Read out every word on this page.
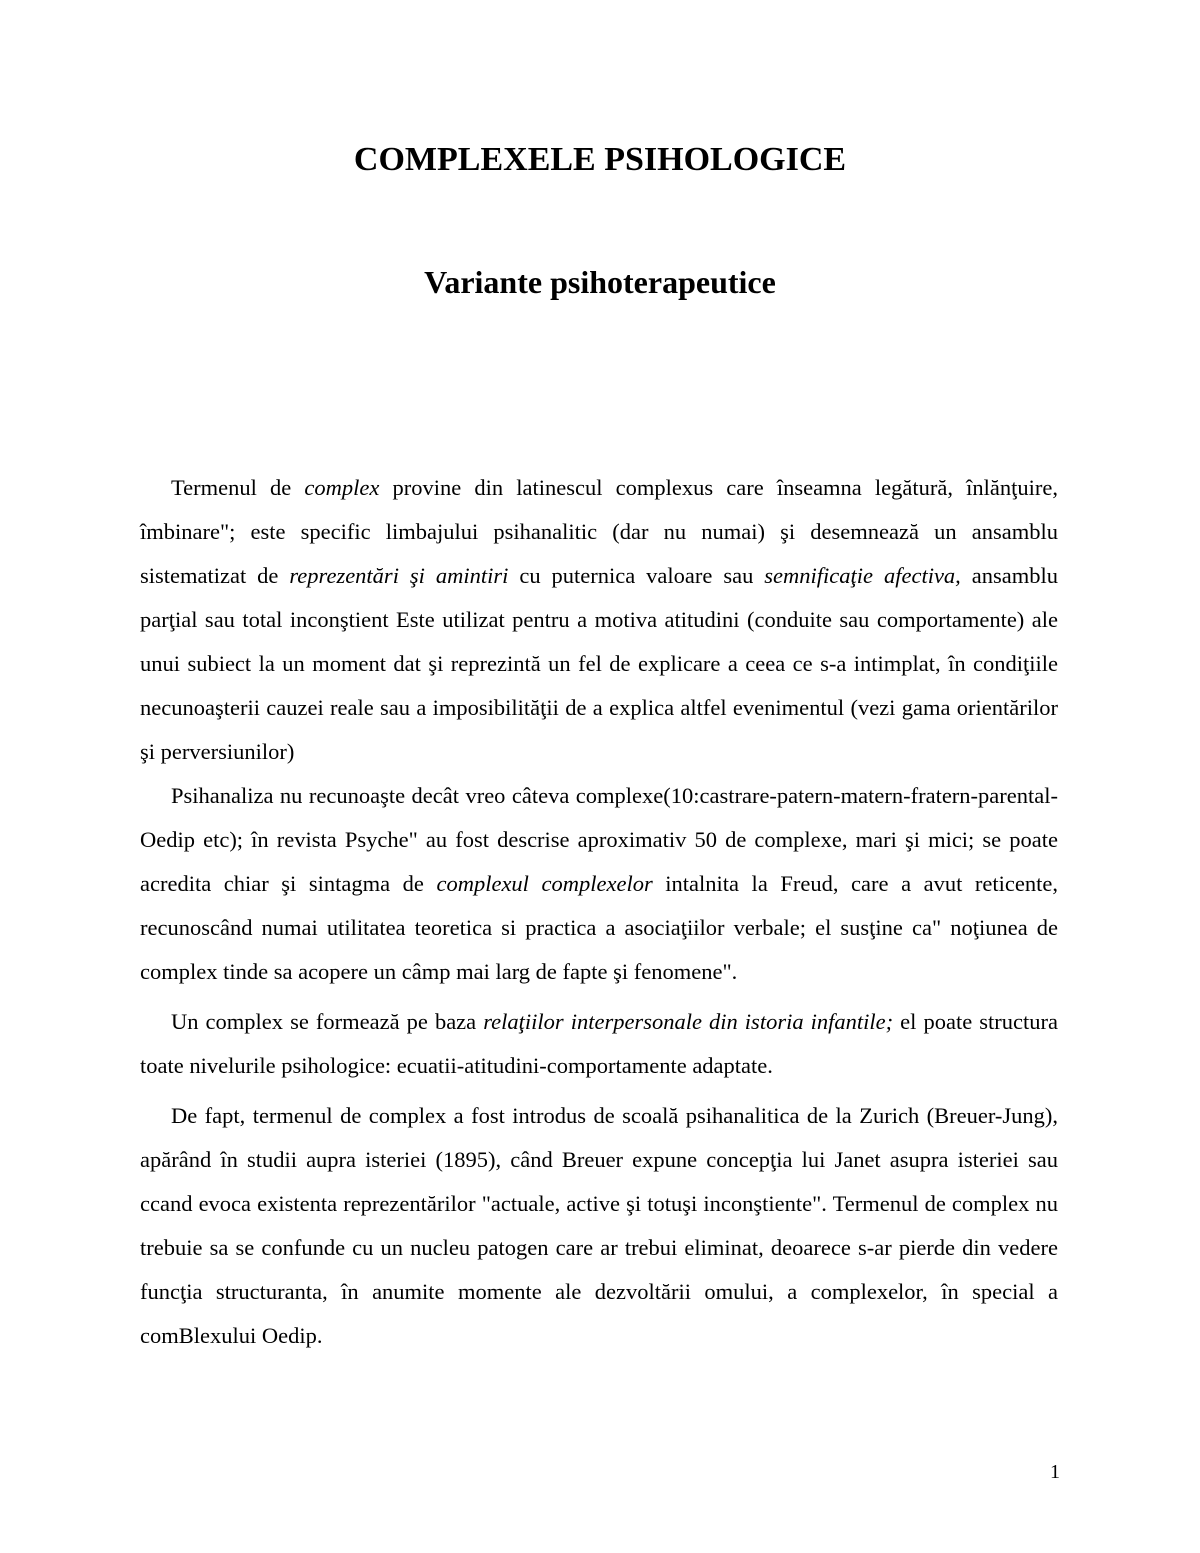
COMPLEXELE PSIHOLOGICE
Variante psihoterapeutice

Termenul de complex provine din latinescul complexus care înseamna legătură, înlănţuire, îmbinare"; este specific limbajului psihanalitic (dar nu numai) şi desemnează un ansamblu sistematizat de reprezentări şi amintiri cu puternica valoare sau semnificaţie afectiva, ansamblu parţial sau total inconştient Este utilizat pentru a motiva atitudini (conduite sau comportamente) ale unui subiect la un moment dat şi reprezintă un fel de explicare a ceea ce s-a intimplat, în condiţiile necunoaşterii cauzei reale sau a imposibilităţii de a explica altfel evenimentul (vezi gama orientărilor şi perversiunilor)

Psihanaliza nu recunoaşte decât vreo câteva complexe(10:castrare-patern-matern-fratern-parental-Oedip etc); în revista Psyche" au fost descrise aproximativ 50 de complexe, mari şi mici; se poate acredita chiar şi sintagma de complexul complexelor intalnita la Freud, care a avut reticente, recunoscând numai utilitatea teoretica si practica a asociaţiilor verbale; el susţine ca" noţiunea de complex tinde sa acopere un câmp mai larg de fapte şi fenomene".

Un complex se formează pe baza relaţiilor interpersonale din istoria infantile; el poate structura toate nivelurile psihologice: ecuatii-atitudini-comportamente adaptate.

De fapt, termenul de complex a fost introdus de scoală psihanalitica de la Zurich (Breuer-Jung), apărând în studii aupra isteriei (1895), când Breuer expune concepţia lui Janet asupra isteriei sau ccand evoca existenta reprezentărilor "actuale, active şi totuşi inconştiente". Termenul de complex nu trebuie sa se confunde cu un nucleu patogen care ar trebui eliminat, deoarece s-ar pierde din vedere funcţia structuranta, în anumite momente ale dezvoltării omului, a complexelor, în special a comBlexului Oedip.

1
